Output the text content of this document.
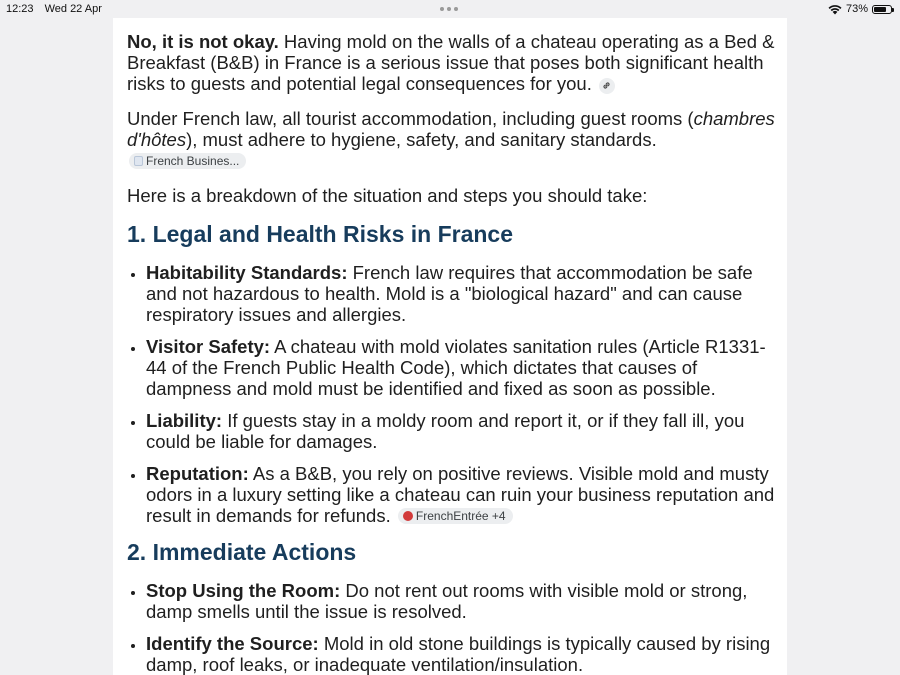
12:23 Wed 22 Apr	73%

No, it is not okay. Having mold on the walls of a chateau operating as a Bed & Breakfast (B&B) in France is a serious issue that poses both significant health risks to guests and potential legal consequences for you.

Under French law, all tourist accommodation, including guest rooms (chambres d'hôtes), must adhere to hygiene, safety, and sanitary standards.
French Busines...

Here is a breakdown of the situation and steps you should take:

1. Legal and Health Risks in France
• Habitability Standards: French law requires that accommodation be safe and not hazardous to health. Mold is a "biological hazard" and can cause respiratory issues and allergies.
• Visitor Safety: A chateau with mold violates sanitation rules (Article R1331-44 of the French Public Health Code), which dictates that causes of dampness and mold must be identified and fixed as soon as possible.
• Liability: If guests stay in a moldy room and report it, or if they fall ill, you could be liable for damages.
• Reputation: As a B&B, you rely on positive reviews. Visible mold and musty odors in a luxury setting like a chateau can ruin your business reputation and result in demands for refunds. FrenchEntrée +4
2. Immediate Actions
• Stop Using the Room: Do not rent out rooms with visible mold or strong, damp smells until the issue is resolved.
• Identify the Source: Mold in old stone buildings is typically caused by rising damp, roof leaks, or inadequate ventilation/insulation.
